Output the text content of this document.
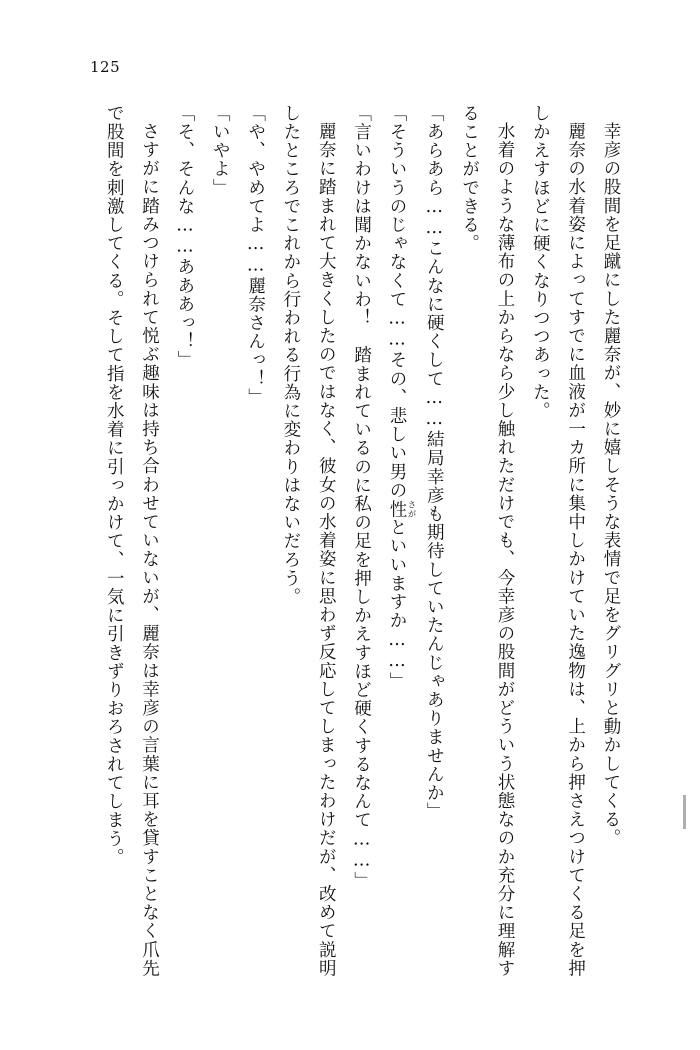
125

幸彦の股間を足蹴にした麗奈が、妙に嬉しそうな表情で足をグリグリと動かしてくる。

麗奈の水着姿によってすでに血液が一カ所に集中しかけていた逸物は、上から押さえつけてくる足を押しかえすほどに硬くなりつつあった。

水着のような薄布の上からなら少し触れただけでも、今幸彦の股間がどういう状態なのか充分に理解することができる。

「あらあら……こんなに硬くして……結局幸彦も期待していたんじゃありませんか」

「そういうのじゃなくて……その、悲しい男の性 さがといいますか……」

「言いわけは聞かないわ！　踏まれているのに私の足を押しかえすほど硬くするなんて……」

麗奈に踏まれて大きくしたのではなく、彼女の水着姿に思わず反応してしまったわけだが、改めて説明したところでこれから行われる行為に変わりはないだろう。

「や、やめてよ……麗奈さんっ！」

「いやよ」

「そ、そんな……あああっ！」

さすがに踏みつけられて悦ぶ趣味は持ち合わせていないが、麗奈は幸彦の言葉に耳を貸すことなく爪先で股間を刺激してくる。そして指を水着に引っかけて、一気に引きずりおろされてしまう。
